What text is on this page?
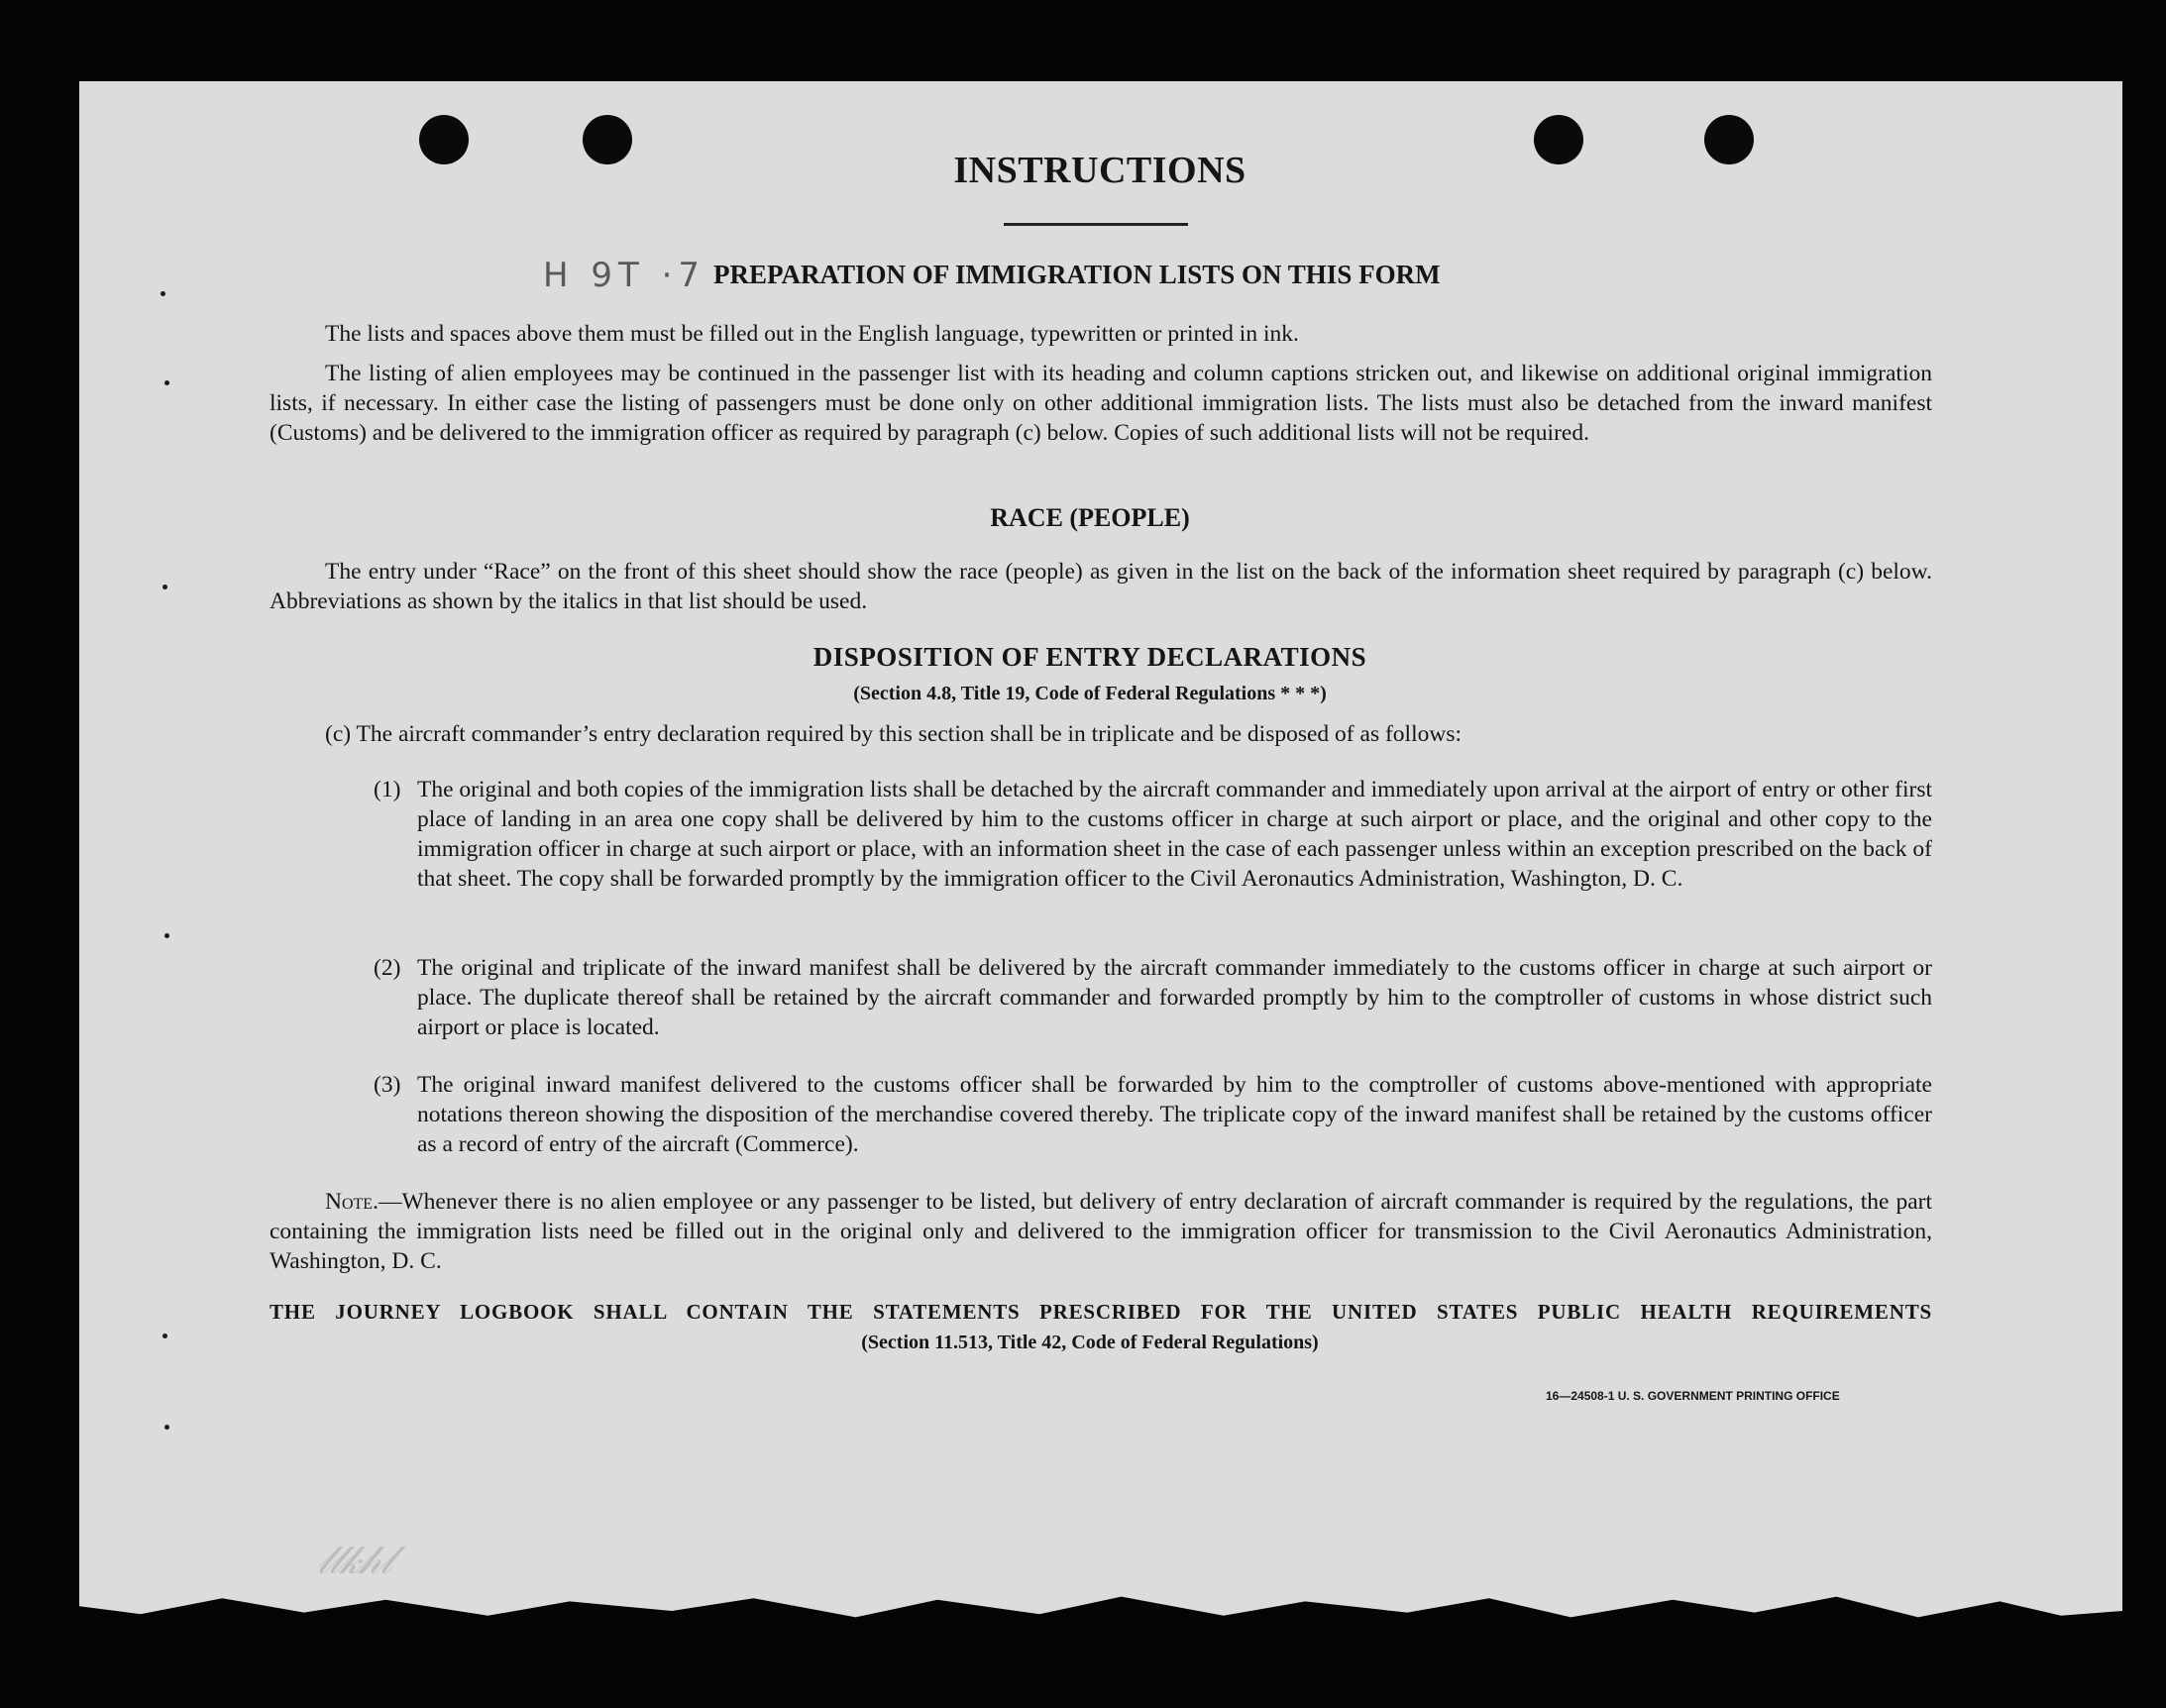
INSTRUCTIONS

H 9T ·7 PREPARATION OF IMMIGRATION LISTS ON THIS FORM

The lists and spaces above them must be filled out in the English language, typewritten or printed in ink.

The listing of alien employees may be continued in the passenger list with its heading and column captions stricken out, and likewise on additional original immigration lists, if necessary. In either case the listing of passengers must be done only on other additional immigration lists. The lists must also be detached from the inward manifest (Customs) and be delivered to the immigration officer as required by paragraph (c) below. Copies of such additional lists will not be required.

RACE (PEOPLE)

The entry under “Race” on the front of this sheet should show the race (people) as given in the list on the back of the information sheet required by paragraph (c) below. Abbreviations as shown by the italics in that list should be used.

DISPOSITION OF ENTRY DECLARATIONS

(Section 4.8, Title 19, Code of Federal Regulations * * *)

(c) The aircraft commander’s entry declaration required by this section shall be in triplicate and be disposed of as follows:

(1) The original and both copies of the immigration lists shall be detached by the aircraft commander and immediately upon arrival at the airport of entry or other first place of landing in an area one copy shall be delivered by him to the customs officer in charge at such airport or place, and the original and other copy to the immigration officer in charge at such airport or place, with an information sheet in the case of each passenger unless within an exception prescribed on the back of that sheet. The copy shall be forwarded promptly by the immigration officer to the Civil Aeronautics Administration, Washington, D. C.
(2) The original and triplicate of the inward manifest shall be delivered by the aircraft commander immediately to the customs officer in charge at such airport or place. The duplicate thereof shall be retained by the aircraft commander and forwarded promptly by him to the comptroller of customs in whose district such airport or place is located.
(3) The original inward manifest delivered to the customs officer shall be forwarded by him to the comptroller of customs above-mentioned with appropriate notations thereon showing the disposition of the merchandise covered thereby. The triplicate copy of the inward manifest shall be retained by the customs officer as a record of entry of the aircraft (Commerce).

Note.—Whenever there is no alien employee or any passenger to be listed, but delivery of entry declaration of aircraft commander is required by the regulations, the part containing the immigration lists need be filled out in the original only and delivered to the immigration officer for transmission to the Civil Aeronautics Administration, Washington, D. C.

THE JOURNEY LOGBOOK SHALL CONTAIN THE STATEMENTS PRESCRIBED FOR THE UNITED STATES PUBLIC HEALTH REQUIREMENTS

(Section 11.513, Title 42, Code of Federal Regulations)

16—24508-1 U. S. GOVERNMENT PRINTING OFFICE

𝓁𝓁𝓀𝒽𝓁
